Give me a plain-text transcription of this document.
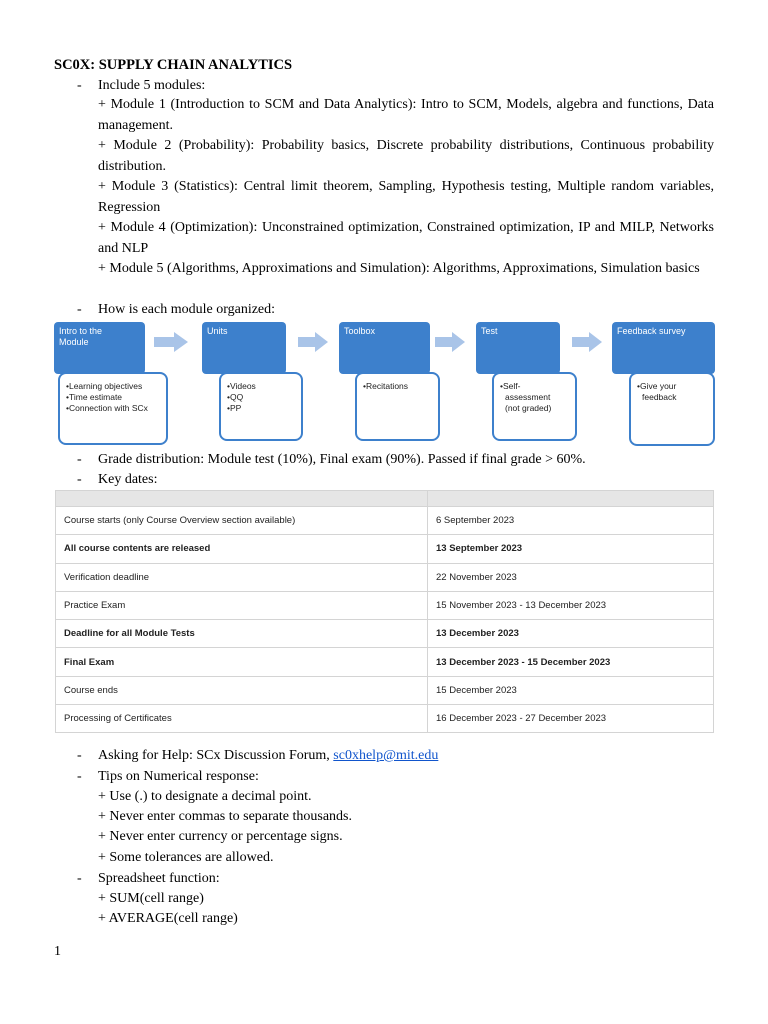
SC0X: SUPPLY CHAIN ANALYTICS
- Include 5 modules:
+ Module 1 (Introduction to SCM and Data Analytics): Intro to SCM, Models, algebra and functions, Data management.
+ Module 2 (Probability): Probability basics, Discrete probability distributions, Continuous probability distribution.
+ Module 3 (Statistics): Central limit theorem, Sampling, Hypothesis testing, Multiple random variables, Regression
+ Module 4 (Optimization): Unconstrained optimization, Constrained optimization, IP and MILP, Networks and NLP
+ Module 5 (Algorithms, Approximations and Simulation): Algorithms, Approximations, Simulation basics
- How is each module organized:
Intro to the
Module
•Learning objectives
•Time estimate
•Connection with SCx
Units
•Videos
•QQ
•PP
Toolbox
•Recitations
Test
•Self-
assessment
(not graded)
Feedback survey
•Give your
feedback
- Grade distribution: Module test (10%), Final exam (90%). Passed if final grade > 60%.
- Key dates:

Course starts (only Course Overview section available)	6 September 2023
All course contents are released	13 September 2023
Verification deadline	22 November 2023
Practice Exam	15 November 2023 - 13 December 2023
Deadline for all Module Tests	13 December 2023
Final Exam	13 December 2023 - 15 December 2023
Course ends	15 December 2023
Processing of Certificates	16 December 2023 - 27 December 2023
- Asking for Help: SCx Discussion Forum, sc0xhelp@mit.edu
- Tips on Numerical response:
+ Use (.) to designate a decimal point.
+ Never enter commas to separate thousands.
+ Never enter currency or percentage signs.
+ Some tolerances are allowed.
- Spreadsheet function:
+ SUM(cell range)
+ AVERAGE(cell range)
1
